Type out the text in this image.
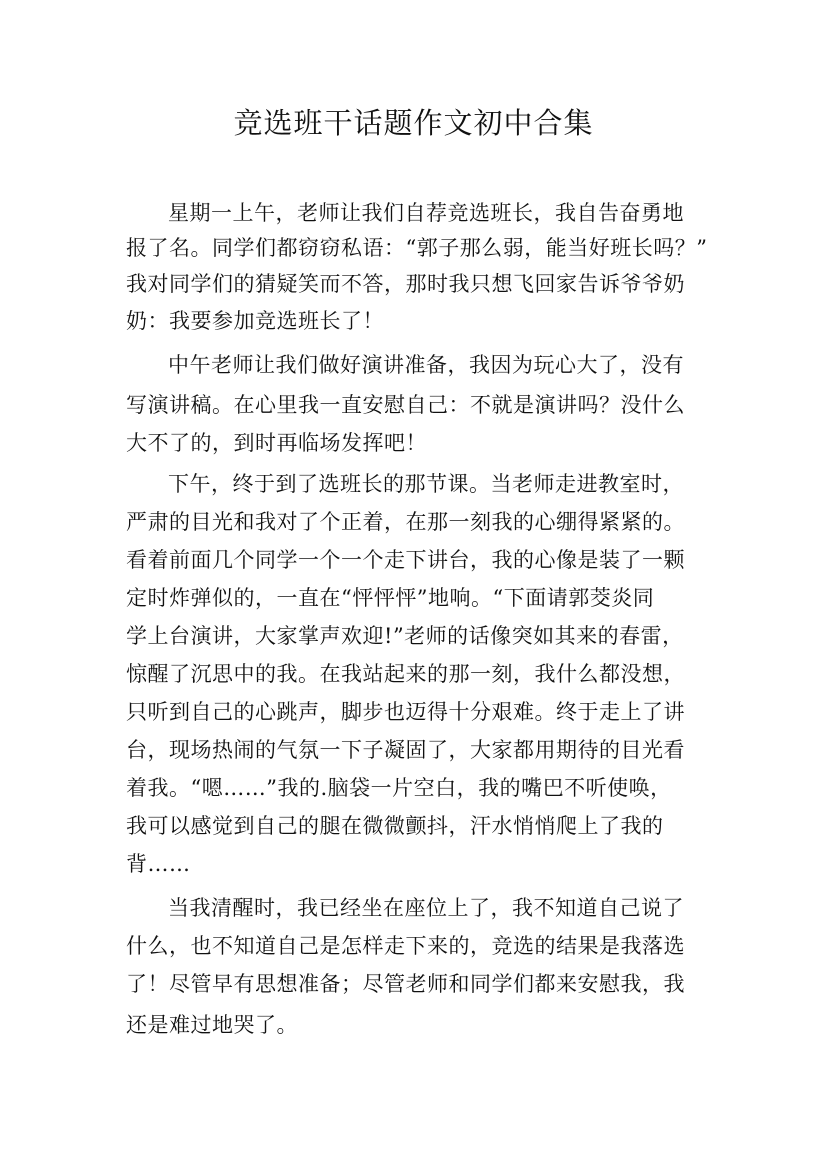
竞选班干话题作文初中合集
星期一上午，老师让我们自荐竞选班长，我自告奋勇地
报了名。同学们都窃窃私语：“郭子那么弱，能当好班长吗？”
我对同学们的猜疑笑而不答，那时我只想飞回家告诉爷爷奶
奶：我要参加竞选班长了！
中午老师让我们做好演讲准备，我因为玩心大了，没有
写演讲稿。在心里我一直安慰自己：不就是演讲吗？没什么
大不了的，到时再临场发挥吧！
下午，终于到了选班长的那节课。当老师走进教室时，
严肃的目光和我对了个正着，在那一刻我的心绷得紧紧的。
看着前面几个同学一个一个走下讲台，我的心像是装了一颗
定时炸弹似的，一直在“怦怦怦”地响。“下面请郭茭炎同
学上台演讲，大家掌声欢迎!”老师的话像突如其来的春雷，
惊醒了沉思中的我。在我站起来的那一刻，我什么都没想，
只听到自己的心跳声，脚步也迈得十分艰难。终于走上了讲
台，现场热闹的气氛一下子凝固了，大家都用期待的目光看
着我。“嗯……”我的.脑袋一片空白，我的嘴巴不听使唤，
我可以感觉到自己的腿在微微颤抖，汗水悄悄爬上了我的
背……
当我清醒时，我已经坐在座位上了，我不知道自己说了
什么，也不知道自己是怎样走下来的，竞选的结果是我落选
了！尽管早有思想准备；尽管老师和同学们都来安慰我，我
还是难过地哭了。
